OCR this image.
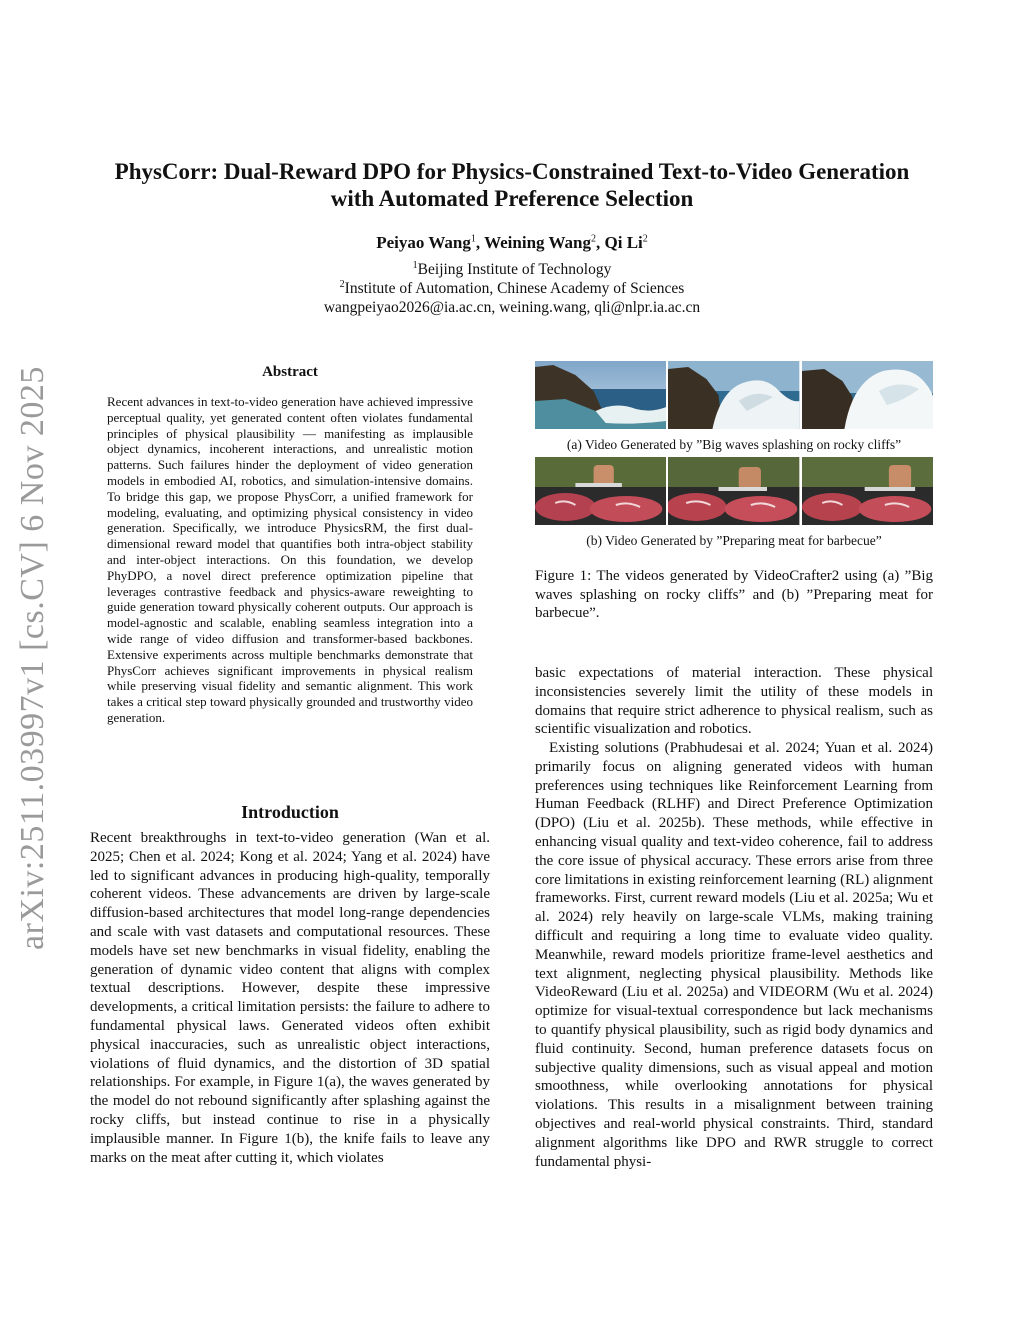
arXiv:2511.03997v1 [cs.CV] 6 Nov 2025
PhysCorr: Dual-Reward DPO for Physics-Constrained Text-to-Video Generation
with Automated Preference Selection
Peiyao Wang$^1$, Weining Wang$^2$, Qi Li$^2$
$^1$Beijing Institute of Technology
$^2$Institute of Automation, Chinese Academy of Sciences
wangpeiyao2026@ia.ac.cn, weining.wang, qli@nlpr.ia.ac.cn
Abstract

Recent advances in text-to-video generation have achieved impressive perceptual quality, yet generated content often violates fundamental principles of physical plausibility — manifesting as implausible object dynamics, incoherent interactions, and unrealistic motion patterns. Such failures hinder the deployment of video generation models in embodied AI, robotics, and simulation-intensive domains. To bridge this gap, we propose PhysCorr, a unified framework for modeling, evaluating, and optimizing physical consistency in video generation. Specifically, we introduce PhysicsRM, the first dual-dimensional reward model that quantifies both intra-object stability and inter-object interactions. On this foundation, we develop PhyDPO, a novel direct preference optimization pipeline that leverages contrastive feedback and physics-aware reweighting to guide generation toward physically coherent outputs. Our approach is model-agnostic and scalable, enabling seamless integration into a wide range of video diffusion and transformer-based backbones. Extensive experiments across multiple benchmarks demonstrate that PhysCorr achieves significant improvements in physical realism while preserving visual fidelity and semantic alignment. This work takes a critical step toward physically grounded and trustworthy video generation.

Introduction

Recent breakthroughs in text-to-video generation (Wan et al. 2025; Chen et al. 2024; Kong et al. 2024; Yang et al. 2024) have led to significant advances in producing high-quality, temporally coherent videos. These advancements are driven by large-scale diffusion-based architectures that model long-range dependencies and scale with vast datasets and computational resources. These models have set new benchmarks in visual fidelity, enabling the generation of dynamic video content that aligns with complex textual descriptions. However, despite these impressive developments, a critical limitation persists: the failure to adhere to fundamental physical laws. Generated videos often exhibit physical inaccuracies, such as unrealistic object interactions, violations of fluid dynamics, and the distortion of 3D spatial relationships. For example, in Figure 1(a), the waves generated by the model do not rebound significantly after splashing against the rocky cliffs, but instead continue to rise in a physically implausible manner. In Figure 1(b), the knife fails to leave any marks on the meat after cutting it, which violates

(a) Video Generated by ”Big waves splashing on rocky cliffs”
(b) Video Generated by ”Preparing meat for barbecue”

Figure 1: The videos generated by VideoCrafter2 using (a) ”Big waves splashing on rocky cliffs” and (b) ”Preparing meat for barbecue”.

basic expectations of material interaction. These physical inconsistencies severely limit the utility of these models in domains that require strict adherence to physical realism, such as scientific visualization and robotics.

Existing solutions (Prabhudesai et al. 2024; Yuan et al. 2024) primarily focus on aligning generated videos with human preferences using techniques like Reinforcement Learning from Human Feedback (RLHF) and Direct Preference Optimization (DPO) (Liu et al. 2025b). These methods, while effective in enhancing visual quality and text-video coherence, fail to address the core issue of physical accuracy. These errors arise from three core limitations in existing reinforcement learning (RL) alignment frameworks. First, current reward models (Liu et al. 2025a; Wu et al. 2024) rely heavily on large-scale VLMs, making training difficult and requiring a long time to evaluate video quality. Meanwhile, reward models prioritize frame-level aesthetics and text alignment, neglecting physical plausibility. Methods like VideoReward (Liu et al. 2025a) and VIDEORM (Wu et al. 2024) optimize for visual-textual correspondence but lack mechanisms to quantify physical plausibility, such as rigid body dynamics and fluid continuity. Second, human preference datasets focus on subjective quality dimensions, such as visual appeal and motion smoothness, while overlooking annotations for physical violations. This results in a misalignment between training objectives and real-world physical constraints. Third, standard alignment algorithms like DPO and RWR struggle to correct fundamental physi-
